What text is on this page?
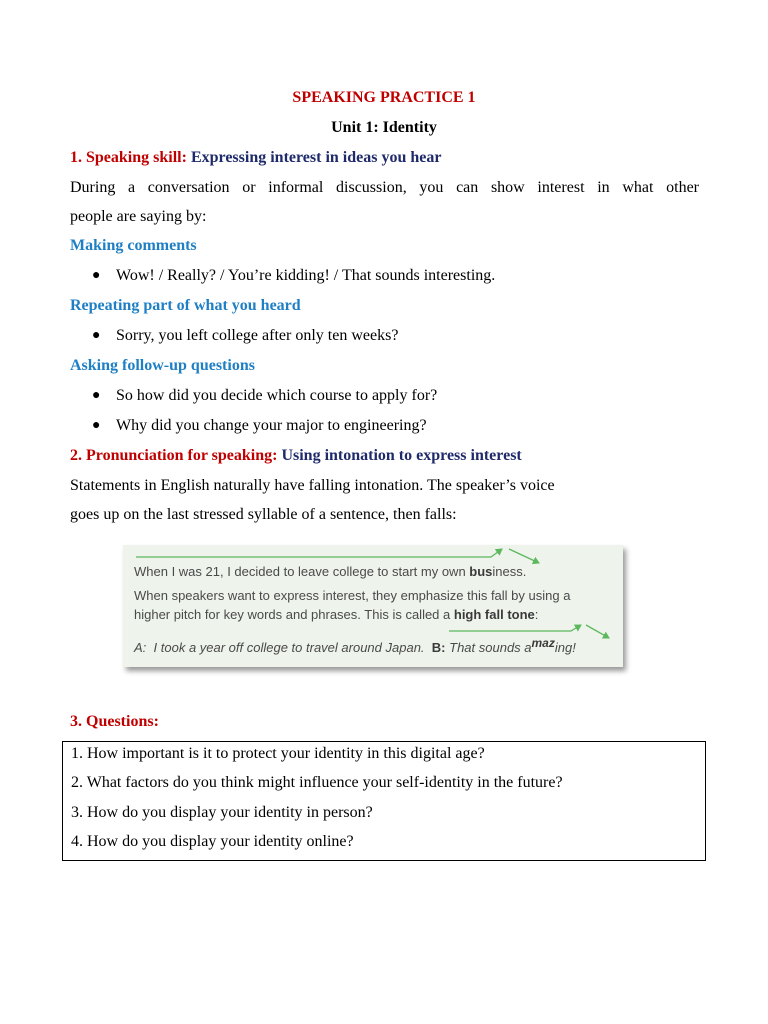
SPEAKING PRACTICE 1
Unit 1: Identity
1. Speaking skill: Expressing interest in ideas you hear
During a conversation or informal discussion, you can show interest in what other
people are saying by:
Making comments
● Wow! / Really? / You’re kidding! / That sounds interesting.
Repeating part of what you heard
● Sorry, you left college after only ten weeks?
Asking follow-up questions
● So how did you decide which course to apply for?
● Why did you change your major to engineering?
2. Pronunciation for speaking: Using intonation to express interest
Statements in English naturally have falling intonation. The speaker’s voice
goes up on the last stressed syllable of a sentence, then falls:
When I was 21, I decided to leave college to start my own business.
When speakers want to express interest, they emphasize this fall by using a
higher pitch for key words and phrases. This is called a high fall tone:
A: I took a year off college to travel around Japan. B: That sounds amazing!
3. Questions:
1. How important is it to protect your identity in this digital age?
2. What factors do you think might influence your self-identity in the future?
3. How do you display your identity in person?
4. How do you display your identity online?
